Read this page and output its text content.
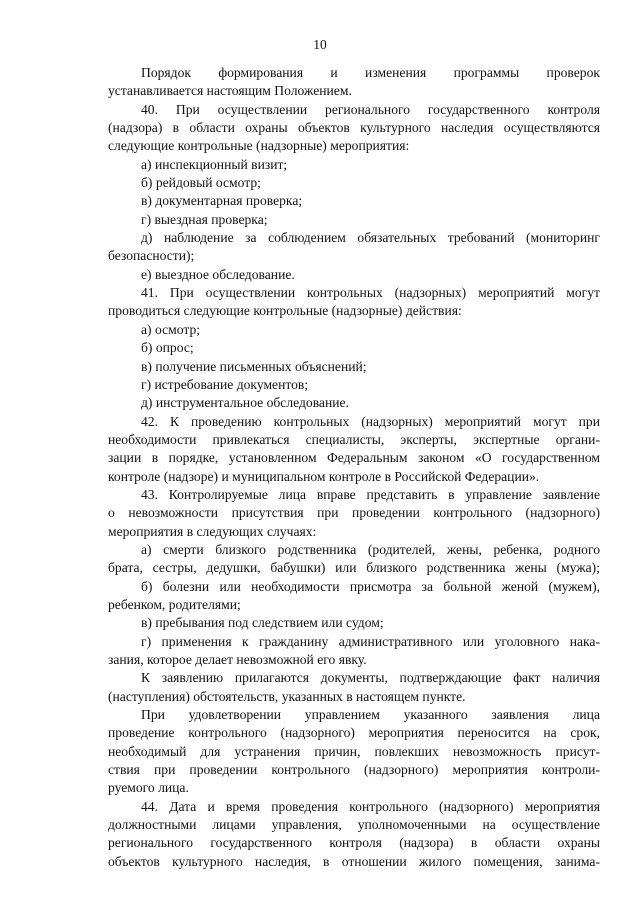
10

Порядок формирования и изменения программы проверок

устанавливается настоящим Положением.

40. При осуществлении регионального государственного контроля

(надзора) в области охраны объектов культурного наследия осуществляются

следующие контрольные (надзорные) мероприятия:

а) инспекционный визит;

б) рейдовый осмотр;

в) документарная проверка;

г) выездная проверка;

д) наблюдение за соблюдением обязательных требований (мониторинг

безопасности);

е) выездное обследование.

41. При осуществлении контрольных (надзорных) мероприятий могут

проводиться следующие контрольные (надзорные) действия:

а) осмотр;

б) опрос;

в) получение письменных объяснений;

г) истребование документов;

д) инструментальное обследование.

42. К проведению контрольных (надзорных) мероприятий могут при

необходимости привлекаться специалисты, эксперты, экспертные органи-

зации в порядке, установленном Федеральным законом «О государственном

контроле (надзоре) и муниципальном контроле в Российской Федерации».

43. Контролируемые лица вправе представить в управление заявление

о невозможности присутствия при проведении контрольного (надзорного)

мероприятия в следующих случаях:

а) смерти близкого родственника (родителей, жены, ребенка, родного

брата, сестры, дедушки, бабушки) или близкого родственника жены (мужа);

б) болезни или необходимости присмотра за больной женой (мужем),

ребенком, родителями;

в) пребывания под следствием или судом;

г) применения к гражданину административного или уголовного нака-

зания, которое делает невозможной его явку.

К заявлению прилагаются документы, подтверждающие факт наличия

(наступления) обстоятельств, указанных в настоящем пункте.

При удовлетворении управлением указанного заявления лица

проведение контрольного (надзорного) мероприятия переносится на срок,

необходимый для устранения причин, повлекших невозможность присут-

ствия при проведении контрольного (надзорного) мероприятия контроли-

руемого лица.

44. Дата и время проведения контрольного (надзорного) мероприятия

должностными лицами управления, уполномоченными на осуществление

регионального государственного контроля (надзора) в области охраны

объектов культурного наследия, в отношении жилого помещения, занима-
